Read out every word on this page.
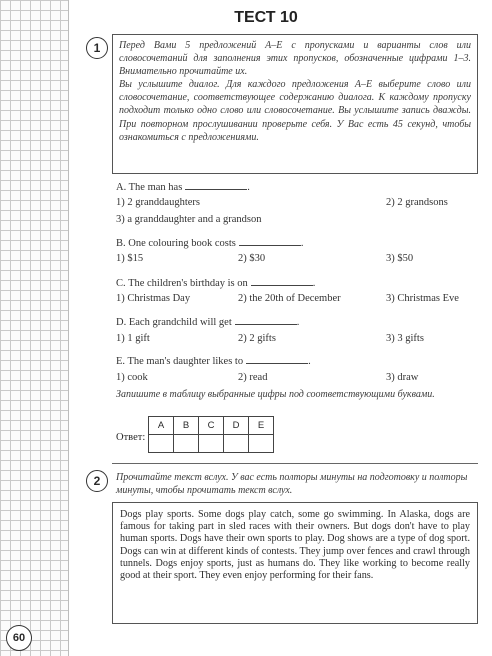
ТЕСТ 10
1	Перед Вами 5 предложений А–Е с пропусками и варианты слов или словосочетаний для заполнения этих пропусков, обозначенные цифрами 1–3. Внимательно прочитайте их.

Вы услышите диалог. Для каждого предложения А–Е выберите слово или словосочетание, соответствующее содержанию диалога. К каждому пропуску подходит только одно слово или словосочетание. Вы услышите запись дважды. При повторном прослушивании проверьте себя. У Вас есть 45 секунд, чтобы ознакомиться с предложениями.

A. The man has	.
1) 2 granddaughters	2) 2 grandsons
3) a granddaughter and a grandson
B. One colouring book costs	.
1) $15	2) $30	3) $50
C. The children's birthday is on	.
1) Christmas Day	2) the 20th of December	3) Christmas Eve
D. Each grandchild will get	.
1) 1 gift	2) 2 gifts	3) 3 gifts
E. The man's daughter likes to	.
1) cook	2) read	3) draw
Запишите в таблицу выбранные цифры под соответствующими буквами.
Ответ:
A	B	C	D	E

2	Прочитайте текст вслух. У вас есть полторы минуты на подготовку и полторы минуты, чтобы прочитать текст вслух.
Dogs play sports. Some dogs play catch, some go swimming. In Alaska, dogs are famous for taking part in sled races with their owners. But dogs don't have to play human sports. Dogs have their own sports to play. Dog shows are a type of dog sport. Dogs can win at different kinds of contests. They jump over fences and crawl through tunnels. Dogs enjoy sports, just as humans do. They like working to become really good at their sport. They even enjoy performing for their fans.
60
